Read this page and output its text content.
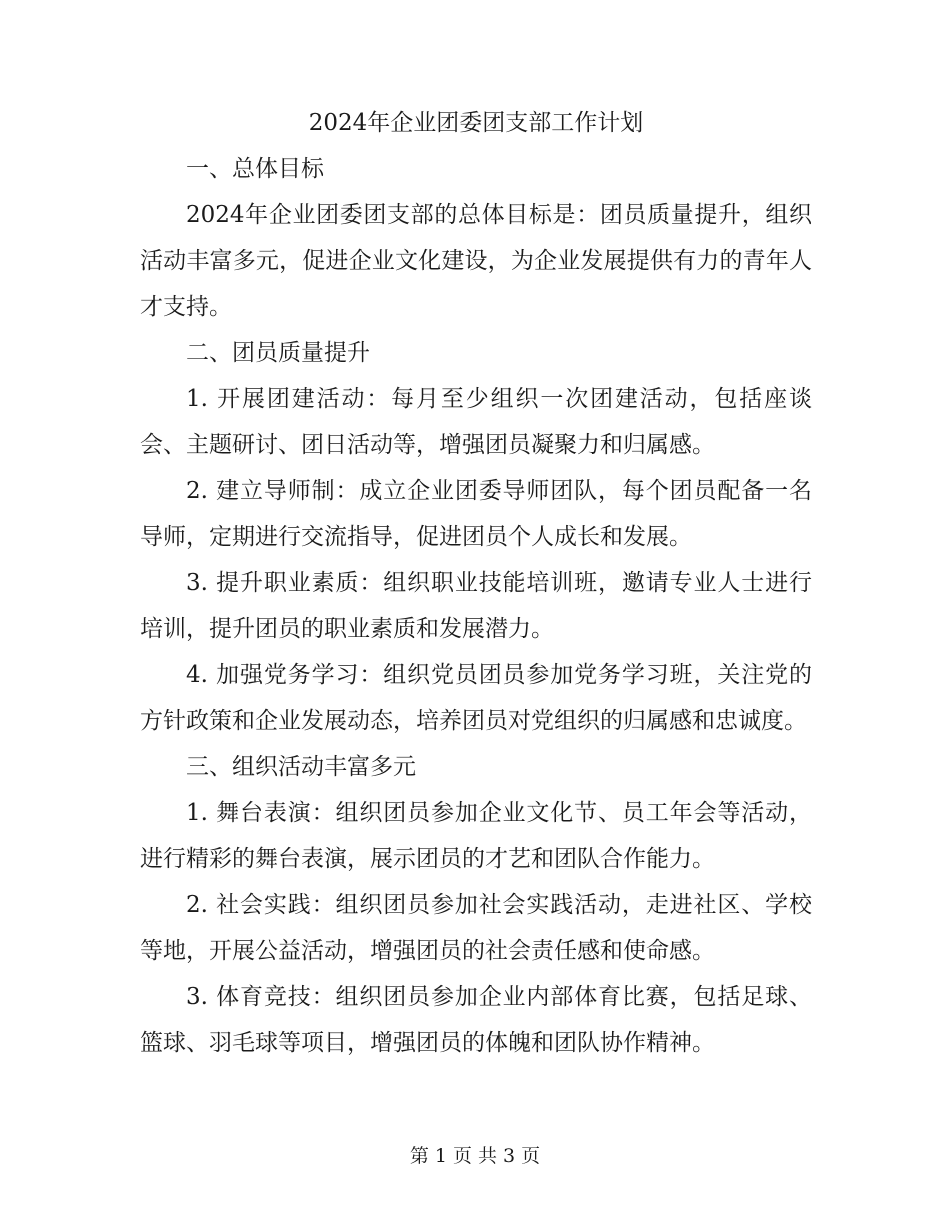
2024年企业团委团支部工作计划
一、总体目标

2024年企业团委团支部的总体目标是：团员质量提升，组织活动丰富多元，促进企业文化建设，为企业发展提供有力的青年人才支持。

二、团员质量提升

1. 开展团建活动：每月至少组织一次团建活动，包括座谈会、主题研讨、团日活动等，增强团员凝聚力和归属感。

2. 建立导师制：成立企业团委导师团队，每个团员配备一名导师，定期进行交流指导，促进团员个人成长和发展。

3. 提升职业素质：组织职业技能培训班，邀请专业人士进行培训，提升团员的职业素质和发展潜力。

4. 加强党务学习：组织党员团员参加党务学习班，关注党的方针政策和企业发展动态，培养团员对党组织的归属感和忠诚度。

三、组织活动丰富多元

1. 舞台表演：组织团员参加企业文化节、员工年会等活动，进行精彩的舞台表演，展示团员的才艺和团队合作能力。

2. 社会实践：组织团员参加社会实践活动，走进社区、学校等地，开展公益活动，增强团员的社会责任感和使命感。

3. 体育竞技：组织团员参加企业内部体育比赛，包括足球、篮球、羽毛球等项目，增强团员的体魄和团队协作精神。

第 1 页 共 3 页
